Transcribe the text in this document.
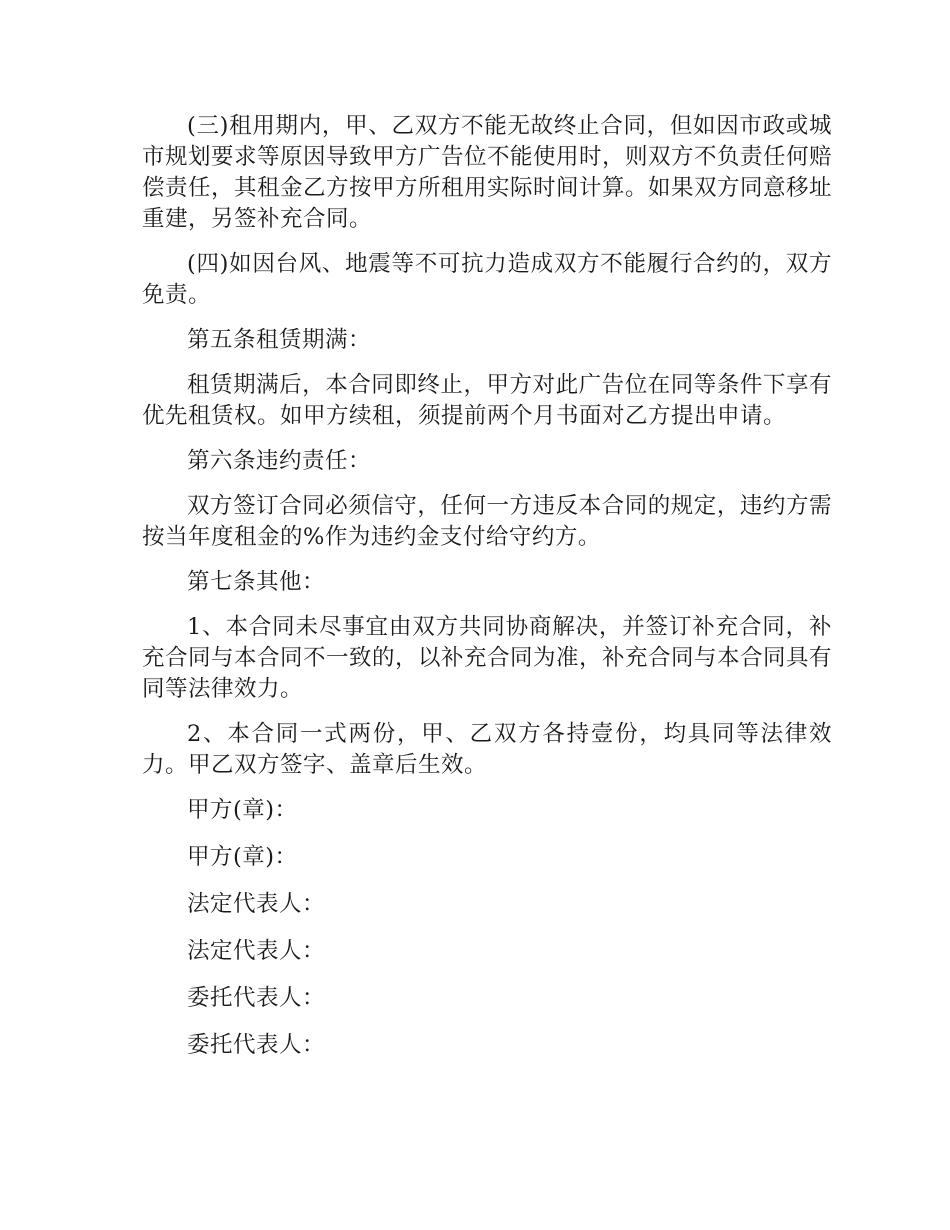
(三)租用期内，甲、乙双方不能无故终止合同，但如因市政或城市规划要求等原因导致甲方广告位不能使用时，则双方不负责任何赔偿责任，其租金乙方按甲方所租用实际时间计算。如果双方同意移址重建，另签补充合同。

(四)如因台风、地震等不可抗力造成双方不能履行合约的，双方免责。

第五条租赁期满：

租赁期满后，本合同即终止，甲方对此广告位在同等条件下享有优先租赁权。如甲方续租，须提前两个月书面对乙方提出申请。

第六条违约责任：

双方签订合同必须信守，任何一方违反本合同的规定，违约方需按当年度租金的%作为违约金支付给守约方。

第七条其他：

1、本合同未尽事宜由双方共同协商解决，并签订补充合同，补充合同与本合同不一致的，以补充合同为准，补充合同与本合同具有同等法律效力。

2、本合同一式两份，甲、乙双方各持壹份，均具同等法律效力。甲乙双方签字、盖章后生效。

甲方(章)：

甲方(章)：

法定代表人：

法定代表人：

委托代表人：

委托代表人：
